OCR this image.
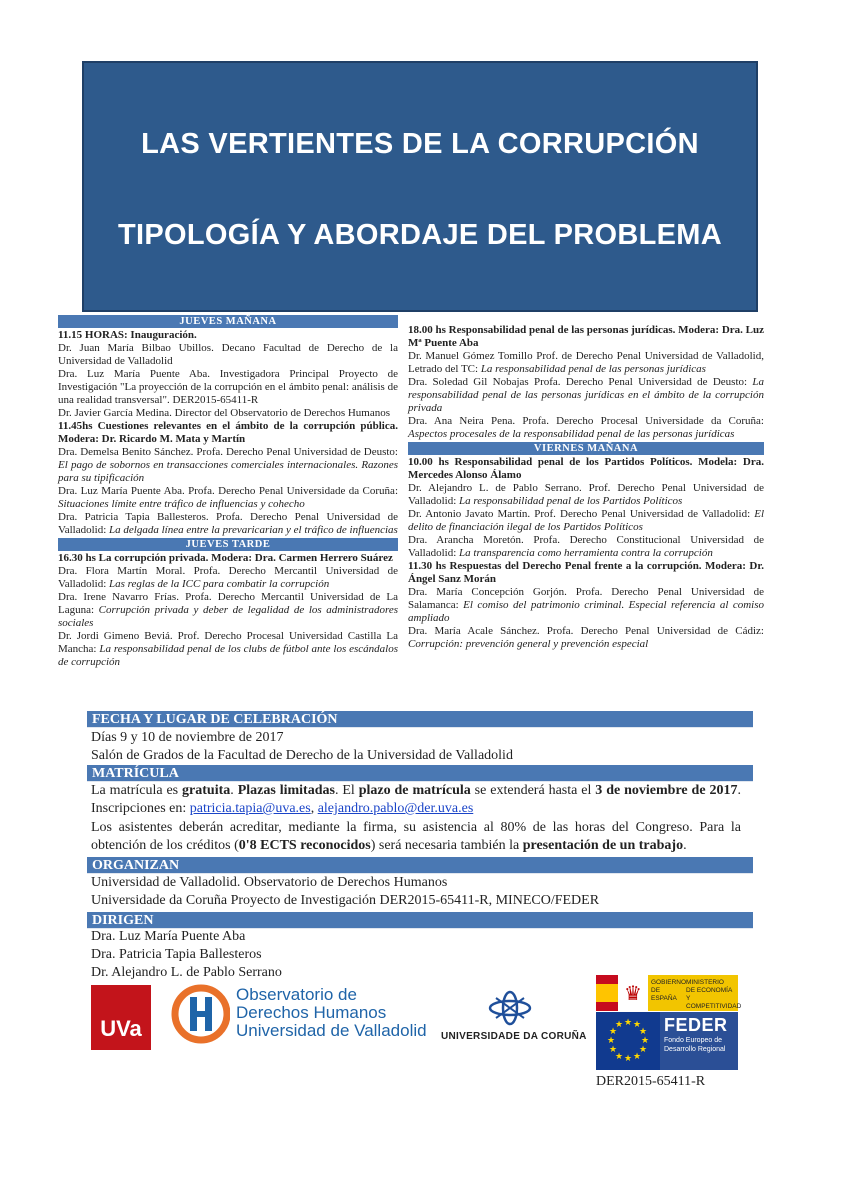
LAS VERTIENTES DE LA CORRUPCIÓN
TIPOLOGÍA Y ABORDAJE DEL PROBLEMA
JUEVES MAÑANA

11.15 HORAS: Inauguración.

Dr. Juan María Bilbao Ubillos. Decano Facultad de Derecho de la Universidad de Valladolid

Dra. Luz María Puente Aba. Investigadora Principal Proyecto de Investigación "La proyección de la corrupción en el ámbito penal: análisis de una realidad transversal". DER2015-65411-R

Dr. Javier García Medina. Director del Observatorio de Derechos Humanos

11.45hs Cuestiones relevantes en el ámbito de la corrupción pública. Modera: Dr. Ricardo M. Mata y Martín

Dra. Demelsa Benito Sánchez. Profa. Derecho Penal Universidad de Deusto: El pago de sobornos en transacciones comerciales internacionales. Razones para su tipificación

Dra. Luz María Puente Aba. Profa. Derecho Penal Universidade da Coruña: Situaciones límite entre tráfico de influencias y cohecho

Dra. Patricia Tapia Ballesteros. Profa. Derecho Penal Universidad de Valladolid: La delgada línea entre la prevaricarian y el tráfico de influencias

JUEVES TARDE

16.30 hs La corrupción privada. Modera: Dra. Carmen Herrero Suárez

Dra. Flora Martín Moral. Profa. Derecho Mercantil Universidad de Valladolid: Las reglas de la ICC para combatir la corrupción

Dra. Irene Navarro Frías. Profa. Derecho Mercantil Universidad de La Laguna: Corrupción privada y deber de legalidad de los administradores sociales

Dr. Jordi Gimeno Beviá. Prof. Derecho Procesal Universidad Castilla La Mancha: La responsabilidad penal de los clubs de fútbol ante los escándalos de corrupción

18.00 hs Responsabilidad penal de las personas jurídicas. Modera: Dra. Luz Mª Puente Aba

Dr. Manuel Gómez Tomillo Prof. de Derecho Penal Universidad de Valladolid, Letrado del TC: La responsabilidad penal de las personas jurídicas

Dra. Soledad Gil Nobajas Profa. Derecho Penal Universidad de Deusto: La responsabilidad penal de las personas jurídicas en el ámbito de la corrupción privada

Dra. Ana Neira Pena. Profa. Derecho Procesal Universidade da Coruña: Aspectos procesales de la responsabilidad penal de las personas jurídicas

VIERNES MAÑANA

10.00 hs Responsabilidad penal de los Partidos Políticos. Modela: Dra. Mercedes Alonso Álamo

Dr. Alejandro L. de Pablo Serrano. Prof. Derecho Penal Universidad de Valladolid: La responsabilidad penal de los Partidos Políticos

Dr. Antonio Javato Martín. Prof. Derecho Penal Universidad de Valladolid: El delito de financiación ilegal de los Partidos Políticos

Dra. Arancha Moretón. Profa. Derecho Constitucional Universidad de Valladolid: La transparencia como herramienta contra la corrupción

11.30 hs Respuestas del Derecho Penal frente a la corrupción. Modera: Dr. Ángel Sanz Morán

Dra. María Concepción Gorjón. Profa. Derecho Penal Universidad de Salamanca: El comiso del patrimonio criminal. Especial referencia al comiso ampliado

Dra. María Acale Sánchez. Profa. Derecho Penal Universidad de Cádiz: Corrupción: prevención general y prevención especial

FECHA Y LUGAR DE CELEBRACIÓN
Días 9 y 10 de noviembre de 2017
Salón de Grados de la Facultad de Derecho de la Universidad de Valladolid
MATRÍCULA

La matrícula es gratuita. Plazas limitadas. El plazo de matrícula se extenderá hasta el 3 de noviembre de 2017. Inscripciones en: patricia.tapia@uva.es, alejandro.pablo@der.uva.es

Los asistentes deberán acreditar, mediante la firma, su asistencia al 80% de las horas del Congreso. Para la obtención de los créditos (0'8 ECTS reconocidos) será necesaria también la presentación de un trabajo.

ORGANIZAN
Universidad de Valladolid. Observatorio de Derechos Humanos
Universidade da Coruña Proyecto de Investigación DER2015-65411-R, MINECO/FEDER
DIRIGEN
Dra. Luz María Puente Aba
Dra. Patricia Tapia Ballesteros
Dr. Alejandro L. de Pablo Serrano
UVa
Observatorio de
Derechos Humanos
Universidad de Valladolid UNIVERSIDADE DA CORUÑA
♛	GOBIERNO
DE ESPAÑA
MINISTERIO
DE ECONOMÍA
Y COMPETITIVIDAD
★ ★
★
★
★
★
★
★
★
★
★
★ FEDER
Fondo Europeo de
Desarrollo Regional
DER2015-65411-R
